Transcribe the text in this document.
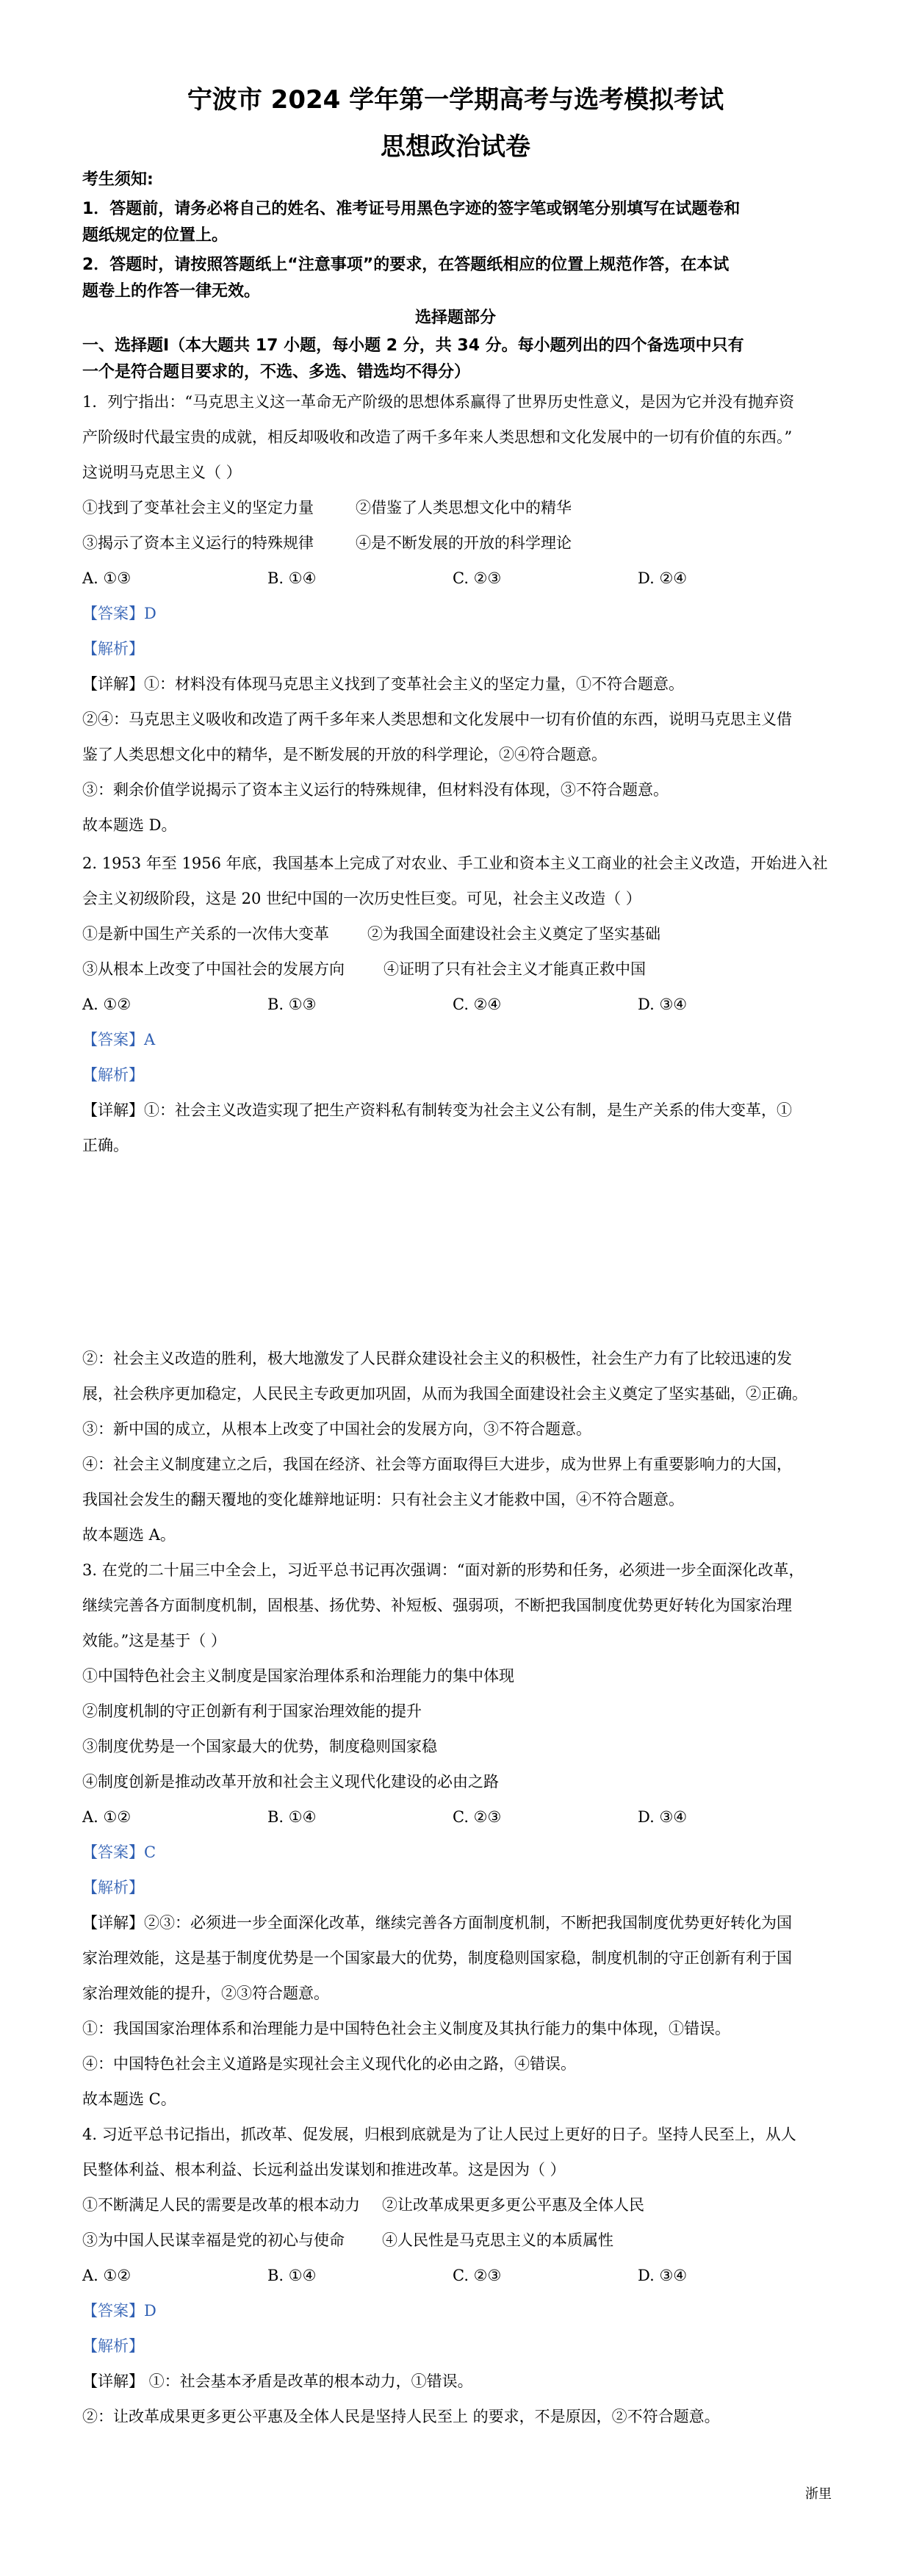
宁波市 2024 学年第一学期高考与选考模拟考试
思想政治试卷
考生须知:
1．答题前，请务必将自己的姓名、准考证号用黑色字迹的签字笔或钢笔分别填写在试题卷和
题纸规定的位置上。
2．答题时，请按照答题纸上“注意事项”的要求，在答题纸相应的位置上规范作答，在本试
题卷上的作答一律无效。
选择题部分
一、选择题Ⅰ（本大题共 17 小题，每小题 2 分，共 34 分。每小题列出的四个备选项中只有
一个是符合题目要求的，不选、多选、错选均不得分）
1．列宁指出：“马克思主义这一革命无产阶级的思想体系赢得了世界历史性意义，是因为它并没有抛弃资
产阶级时代最宝贵的成就，相反却吸收和改造了两千多年来人类思想和文化发展中的一切有价值的东西。”
这说明马克思主义（ ）
①找到了变革社会主义的坚定力量	②借鉴了人类思想文化中的精华
③揭示了资本主义运行的特殊规律	④是不断发展的开放的科学理论
A. ①③	B. ①④	C. ②③	D. ②④
【答案】D
【解析】
【详解】①：材料没有体现马克思主义找到了变革社会主义的坚定力量，①不符合题意。
②④：马克思主义吸收和改造了两千多年来人类思想和文化发展中一切有价值的东西，说明马克思主义借
鉴了人类思想文化中的精华，是不断发展的开放的科学理论，②④符合题意。
③：剩余价值学说揭示了资本主义运行的特殊规律，但材料没有体现，③不符合题意。
故本题选 D。
2. 1953 年至 1956 年底，我国基本上完成了对农业、手工业和资本主义工商业的社会主义改造，开始进入社
会主义初级阶段，这是 20 世纪中国的一次历史性巨变。可见，社会主义改造（ ）
①是新中国生产关系的一次伟大变革 ②为我国全面建设社会主义奠定了坚实基础
③从根本上改变了中国社会的发展方向	④证明了只有社会主义才能真正救中国
A. ①②	B. ①③	C. ②④	D. ③④
【答案】A
【解析】
【详解】①：社会主义改造实现了把生产资料私有制转变为社会主义公有制，是生产关系的伟大变革，①
正确。
②：社会主义改造的胜利，极大地激发了人民群众建设社会主义的积极性，社会生产力有了比较迅速的发
展，社会秩序更加稳定，人民民主专政更加巩固，从而为我国全面建设社会主义奠定了坚实基础，②正确。
③：新中国的成立，从根本上改变了中国社会的发展方向，③不符合题意。
④：社会主义制度建立之后，我国在经济、社会等方面取得巨大进步，成为世界上有重要影响力的大国，
我国社会发生的翻天覆地的变化雄辩地证明：只有社会主义才能救中国，④不符合题意。
故本题选 A。
3. 在党的二十届三中全会上，习近平总书记再次强调：“面对新的形势和任务，必须进一步全面深化改革，
继续完善各方面制度机制，固根基、扬优势、补短板、强弱项，不断把我国制度优势更好转化为国家治理
效能。”这是基于（ ）
①中国特色社会主义制度是国家治理体系和治理能力的集中体现
②制度机制的守正创新有利于国家治理效能的提升
③制度优势是一个国家最大的优势，制度稳则国家稳
④制度创新是推动改革开放和社会主义现代化建设的必由之路
A. ①②	B. ①④	C. ②③	D. ③④
【答案】C
【解析】
【详解】②③：必须进一步全面深化改革，继续完善各方面制度机制，不断把我国制度优势更好转化为国
家治理效能，这是基于制度优势是一个国家最大的优势，制度稳则国家稳，制度机制的守正创新有利于国
家治理效能的提升，②③符合题意。
①：我国国家治理体系和治理能力是中国特色社会主义制度及其执行能力的集中体现，①错误。
④：中国特色社会主义道路是实现社会主义现代化的必由之路，④错误。
故本题选 C。
4. 习近平总书记指出，抓改革、促发展，归根到底就是为了让人民过上更好的日子。坚持人民至上，从人
民整体利益、根本利益、长远利益出发谋划和推进改革。这是因为（ ）
①不断满足人民的需要是改革的根本动力 ②让改革成果更多更公平惠及全体人民
③为中国人民谋幸福是党的初心与使命 ④人民性是马克思主义的本质属性
A. ①②	B. ①④	C. ②③	D. ③④
【答案】D
【解析】
【详解】 ①：社会基本矛盾是改革的根本动力，①错误。
②：让改革成果更多更公平惠及全体人民是坚持人民至上 的要求，不是原因，②不符合题意。
浙里
